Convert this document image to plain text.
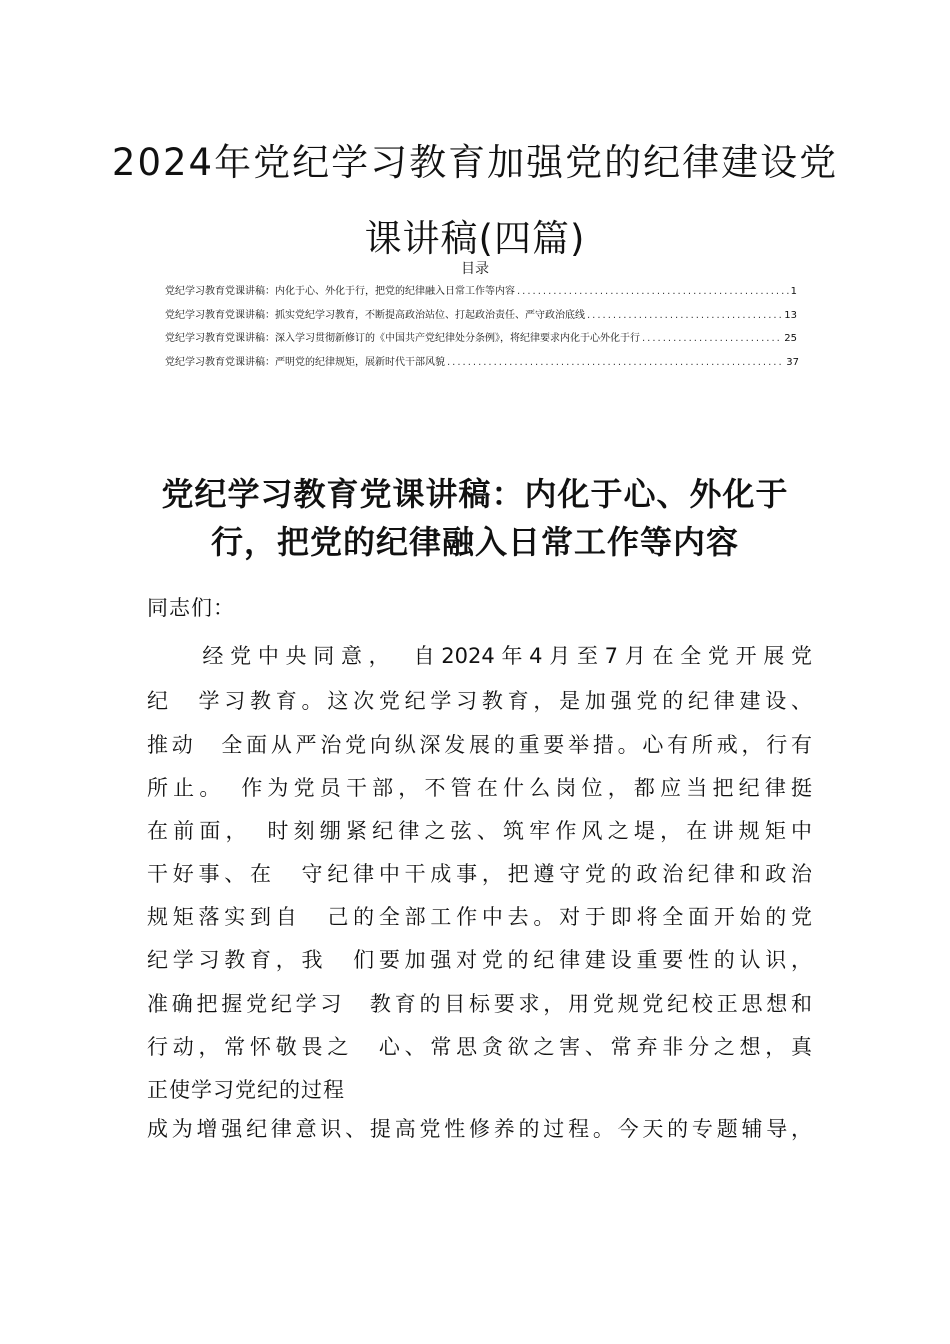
2024年党纪学习教育加强党的纪律建设党
课讲稿(四篇)
目录
党纪学习教育党课讲稿：内化于心、外化于行，把党的纪律融入日常工作等内容 .....	1
党纪学习教育党课讲稿：抓实党纪学习教育，不断提高政治站位、打起政治责任、严守政治底线 .....	13
党纪学习教育党课讲稿：深入学习贯彻新修订的《中国共产党纪律处分条例》，将纪律要求内化于心外化于行 .....	25
党纪学习教育党课讲稿：严明党的纪律规矩，展新时代干部风貌 .....	37
党纪学习教育党课讲稿：内化于心、外化于行，把党的纪律融入日常工作等内容
同志们：
　　经党中央同意，　自2024年4月至7月在全党开展党
纪　学习教育。这次党纪学习教育，是加强党的纪律建设、
推动　全面从严治党向纵深发展的重要举措。心有所戒，行有
所止。　作为党员干部，不管在什么岗位，都应当把纪律挺
在前面，　时刻绷紧纪律之弦、筑牢作风之堤，在讲规矩中
干好事、在　守纪律中干成事，把遵守党的政治纪律和政治
规矩落实到自　己的全部工作中去。对于即将全面开始的党
纪学习教育，我　们要加强对党的纪律建设重要性的认识，
准确把握党纪学习　教育的目标要求，用党规党纪校正思想和
行动，常怀敬畏之　心、常思贪欲之害、常弃非分之想，真
正使学习党纪的过程
成为增强纪律意识、提高党性修养的过程。今天的专题辅导，
